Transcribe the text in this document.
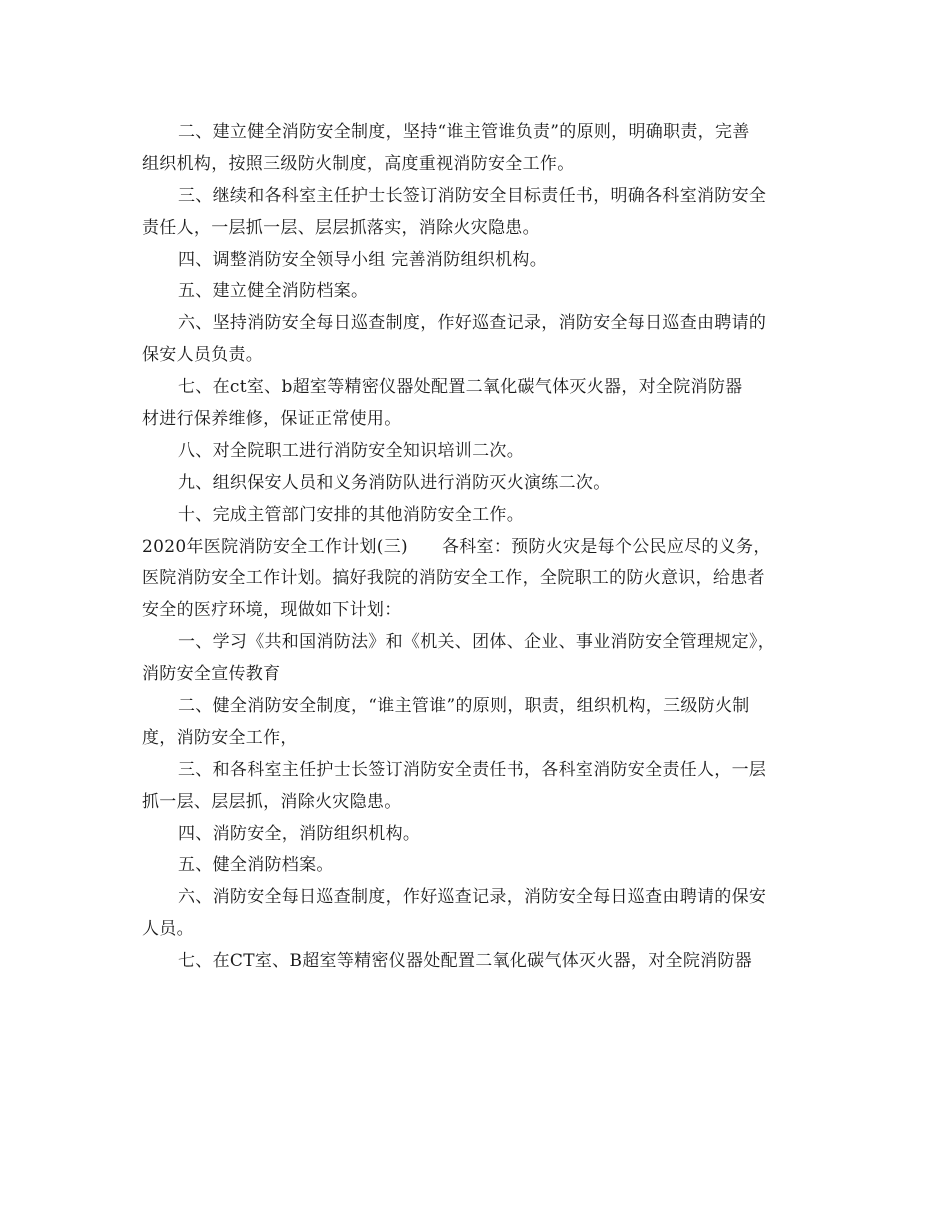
二、建立健全消防安全制度，坚持“谁主管谁负责”的原则，明确职责，完善
组织机构，按照三级防火制度，高度重视消防安全工作。
三、继续和各科室主任护士长签订消防安全目标责任书，明确各科室消防安全
责任人，一层抓一层、层层抓落实，消除火灾隐患。
四、调整消防安全领导小组 完善消防组织机构。
五、建立健全消防档案。
六、坚持消防安全每日巡查制度，作好巡查记录，消防安全每日巡查由聘请的
保安人员负责。
七、在ct室、b超室等精密仪器处配置二氧化碳气体灭火器，对全院消防器
材进行保养维修，保证正常使用。
八、对全院职工进行消防安全知识培训二次。
九、组织保安人员和义务消防队进行消防灭火演练二次。
十、完成主管部门安排的其他消防安全工作。
2020年医院消防安全工作计划(三) 各科室：预防火灾是每个公民应尽的义务，
医院消防安全工作计划。搞好我院的消防安全工作，全院职工的防火意识，给患者
安全的医疗环境，现做如下计划：
一、学习《共和国消防法》和《机关、团体、企业、事业消防安全管理规定》，
消防安全宣传教育
二、健全消防安全制度，“谁主管谁”的原则，职责，组织机构，三级防火制
度，消防安全工作，
三、和各科室主任护士长签订消防安全责任书，各科室消防安全责任人，一层
抓一层、层层抓，消除火灾隐患。
四、消防安全，消防组织机构。
五、健全消防档案。
六、消防安全每日巡查制度，作好巡查记录，消防安全每日巡查由聘请的保安
人员。
七、在CT室、B超室等精密仪器处配置二氧化碳气体灭火器，对全院消防器
